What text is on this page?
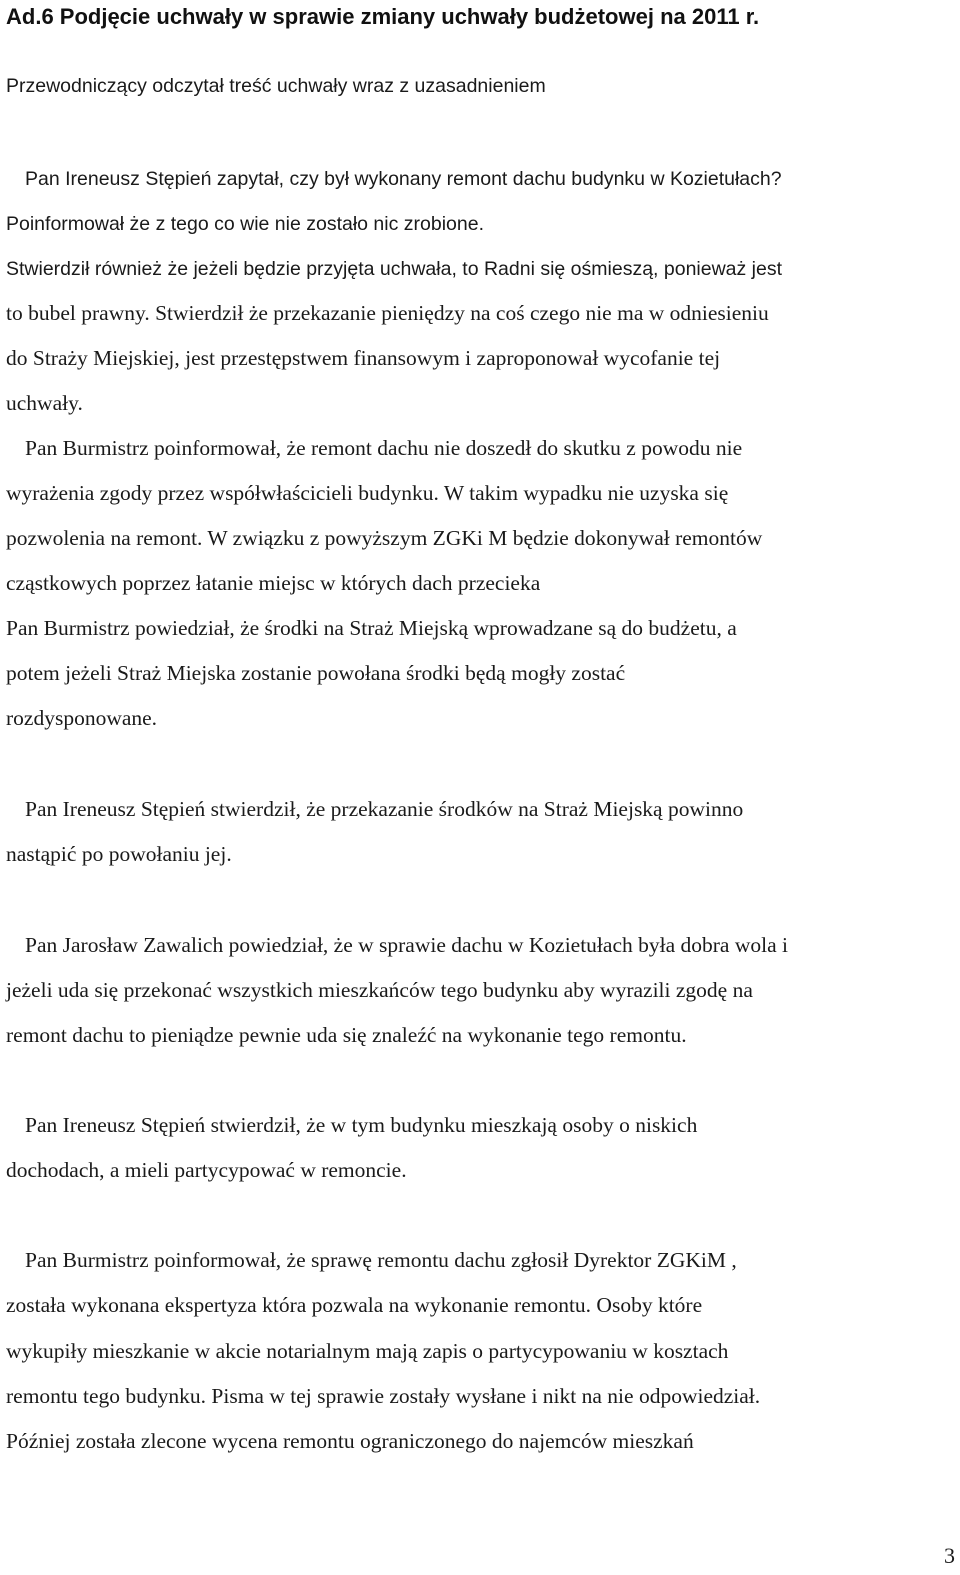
Ad.6 Podjęcie uchwały w sprawie zmiany uchwały budżetowej na 2011 r.

Przewodniczący odczytał treść uchwały wraz z uzasadnieniem

Pan Ireneusz Stępień zapytał, czy był wykonany remont dachu budynku w Kozietułach?

Poinformował że z tego co wie nie zostało nic zrobione.

Stwierdził również że jeżeli będzie przyjęta uchwała, to Radni się ośmieszą, ponieważ jest

to bubel prawny. Stwierdził że przekazanie pieniędzy na coś czego nie ma w odniesieniu

do Straży Miejskiej, jest przestępstwem finansowym i zaproponował wycofanie tej

uchwały.

Pan Burmistrz poinformował, że remont dachu nie doszedł do skutku z powodu nie

wyrażenia zgody przez współwłaścicieli budynku. W takim wypadku nie uzyska się

pozwolenia na remont. W związku z powyższym ZGKi M będzie dokonywał remontów

cząstkowych poprzez łatanie miejsc w których dach przecieka

Pan Burmistrz powiedział, że środki na Straż Miejską wprowadzane są do budżetu, a

potem jeżeli Straż Miejska zostanie powołana środki będą mogły zostać

rozdysponowane.

Pan Ireneusz Stępień stwierdził, że przekazanie środków na Straż Miejską powinno

nastąpić po powołaniu jej.

Pan Jarosław Zawalich powiedział, że w sprawie dachu w Kozietułach była dobra wola i

jeżeli uda się przekonać wszystkich mieszkańców tego budynku aby wyrazili zgodę na

remont dachu to pieniądze pewnie uda się znaleźć na wykonanie tego remontu.

Pan Ireneusz Stępień stwierdził, że w tym budynku mieszkają osoby o niskich

dochodach, a mieli partycypować w remoncie.

Pan Burmistrz poinformował, że sprawę remontu dachu zgłosił Dyrektor ZGKiM ,

została wykonana ekspertyza która pozwala na wykonanie remontu. Osoby które

wykupiły mieszkanie w akcie notarialnym mają zapis o partycypowaniu w kosztach

remontu tego budynku. Pisma w tej sprawie zostały wysłane i nikt na nie odpowiedział.

Później została zlecone wycena remontu ograniczonego do najemców mieszkań

3
